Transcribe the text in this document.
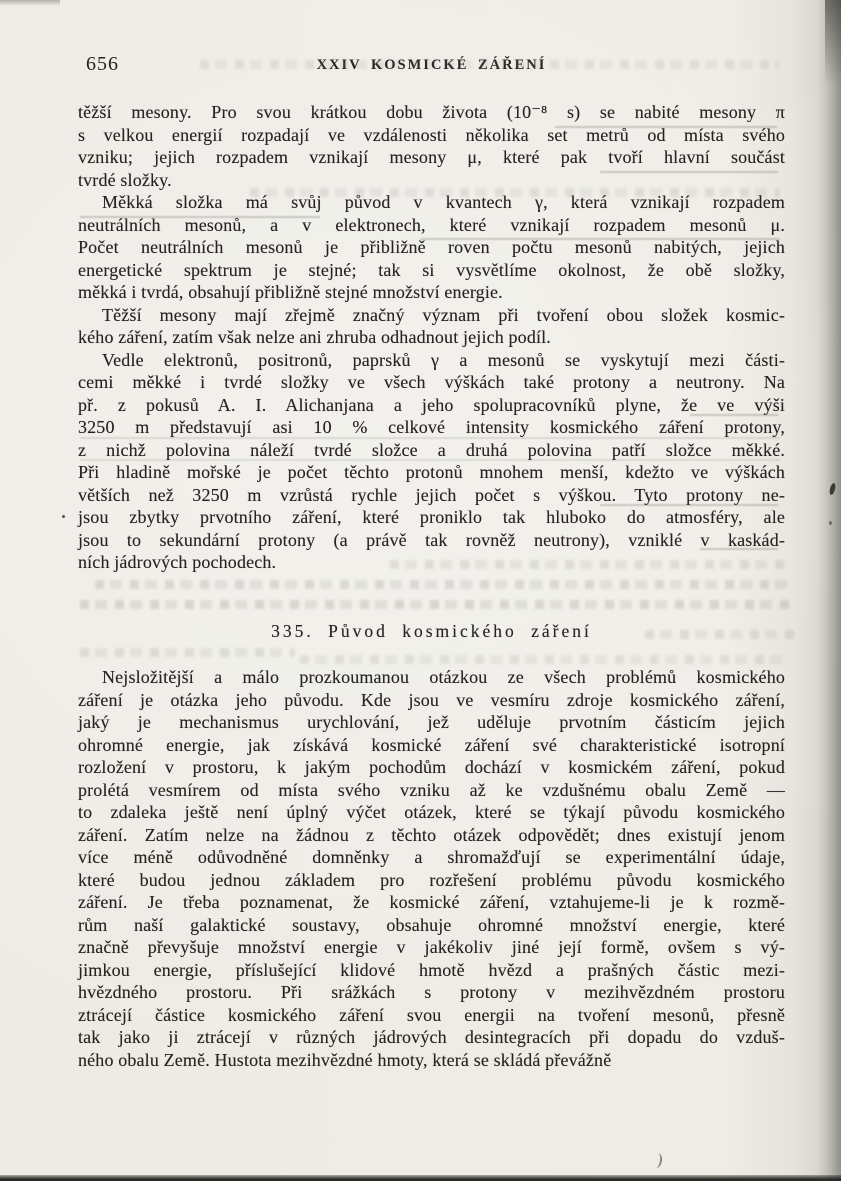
656	XXIV KOSMICKÉ ZÁŘENÍ
těžší mesony. Pro svou krátkou dobu života (10⁻⁸ s) se nabité mesony π
s velkou energií rozpadají ve vzdálenosti několika set metrů od místa svého
vzniku; jejich rozpadem vznikají mesony μ, které pak tvoří hlavní součást
tvrdé složky.
Měkká složka má svůj původ v kvantech γ, která vznikají rozpadem
neutrálních mesonů, a v elektronech, které vznikají rozpadem mesonů μ.
Počet neutrálních mesonů je přibližně roven počtu mesonů nabitých, jejich
energetické spektrum je stejné; tak si vysvětlíme okolnost, že obě složky,
měkká i tvrdá, obsahují přibližně stejné množství energie.
Těžší mesony mají zřejmě značný význam při tvoření obou složek kosmic-
kého záření, zatím však nelze ani zhruba odhadnout jejich podíl.
Vedle elektronů, positronů, paprsků γ a mesonů se vyskytují mezi části-
cemi měkké i tvrdé složky ve všech výškách také protony a neutrony. Na
př. z pokusů A. I. Alichanjana a jeho spolupracovníků plyne, že ve výši
3250 m představují asi 10 % celkové intensity kosmického záření protony,
z nichž polovina náleží tvrdé složce a druhá polovina patří složce měkké.
Při hladině mořské je počet těchto protonů mnohem menší, kdežto ve výškách
větších než 3250 m vzrůstá rychle jejich počet s výškou. Tyto protony ne-
jsou zbytky prvotního záření, které proniklo tak hluboko do atmosféry, ale
jsou to sekundární protony (a právě tak rovněž neutrony), vzniklé v kaskád-
ních jádrových pochodech.
335. Původ kosmického záření
Nejsložitější a málo prozkoumanou otázkou ze všech problémů kosmického
záření je otázka jeho původu. Kde jsou ve vesmíru zdroje kosmického záření,
jaký je mechanismus urychlování, jež uděluje prvotním částicím jejich
ohromné energie, jak získává kosmické záření své charakteristické isotropní
rozložení v prostoru, k jakým pochodům dochází v kosmickém záření, pokud
prolétá vesmírem od místa svého vzniku až ke vzdušnému obalu Země —
to zdaleka ještě není úplný výčet otázek, které se týkají původu kosmického
záření. Zatím nelze na žádnou z těchto otázek odpovědět; dnes existují jenom
více méně odůvodněné domněnky a shromažďují se experimentální údaje,
které budou jednou základem pro rozřešení problému původu kosmického
záření. Je třeba poznamenat, že kosmické záření, vztahujeme-li je k rozmě-
rům naší galaktické soustavy, obsahuje ohromné množství energie, které
značně převyšuje množství energie v jakékoliv jiné její formě, ovšem s vý-
jimkou energie, příslušející klidové hmotě hvězd a prašných částic mezi-
hvězdného prostoru. Při srážkách s protony v mezihvězdném prostoru
ztrácejí částice kosmického záření svou energii na tvoření mesonů, přesně
tak jako ji ztrácejí v různých jádrových desintegracích při dopadu do vzduš-
ného obalu Země. Hustota mezihvězdné hmoty, která se skládá převážně
